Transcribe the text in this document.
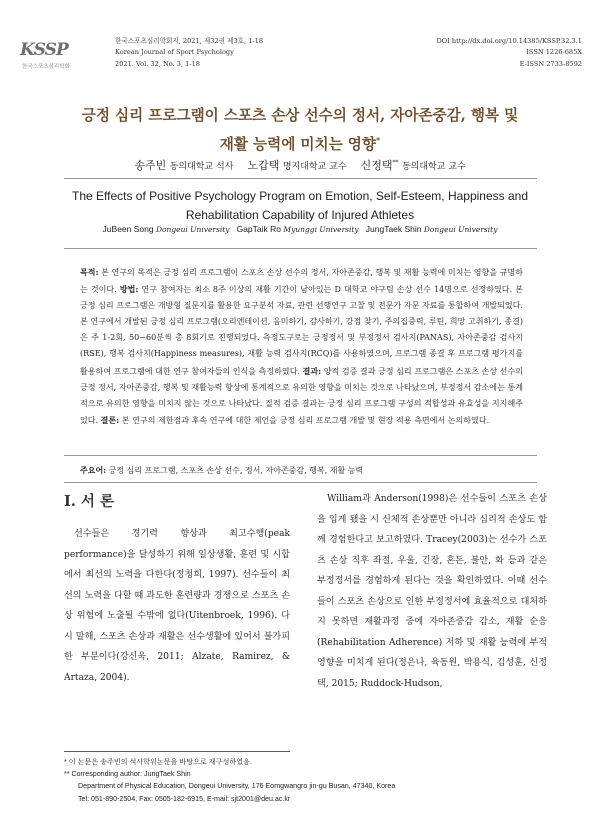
KSSP
한국스포츠심리학회
한국스포츠심리학회지, 2021, 제32권 제3호, 1-18
Korean Journal of Sport Psychology
2021. Vol. 32, No. 3, 1-18
DOI http://dx.doi.org/10.14385/KSSP.32.3.1
ISSN 1226-685X
E-ISSN 2733-8592
긍정 심리 프로그램이 스포츠 손상 선수의 정서, 자아존중감, 행복 및
재활 능력에 미치는 영향*
송주빈 동의대학교 석사 노갑택 명지대학교 교수 신정택** 동의대학교 교수
The Effects of Positive Psychology Program on Emotion, Self-Esteem, Happiness and
Rehabilitation Capability of Injured Athletes
JuBeen Song Dongeui University GapTaik Ro Myunggi University JungTaek Shin Dongeui University
목적: 본 연구의 목적은 긍정 심리 프로그램이 스포츠 손상 선수의 정서, 자아존중감, 행복 및 재활 능력에 미치는 영향을 규명하는 것이다. 방법: 연구 참여자는 최소 8주 이상의 재활 기간이 남아있는 D 대학교 야구팀 손상 선수 14명으로 선정하였다. 본 긍정 심리 프로그램은 개방형 질문지를 활용한 요구분석 자료, 관련 선행연구 고찰 및 전문가 자문 자료를 통합하여 개발되었다. 본 연구에서 개발된 긍정 심리 프로그램(오리엔테이션, 음미하기, 감사하기, 강점 찾기, 주의집중력, 루틴, 희망 고취하기, 종결)은 주 1-2회, 50~60분씩 총 8회기로 진행되었다. 측정도구로는 긍정정서 및 부정정서 검사지(PANAS), 자아존중감 검사지(RSE), 행복 검사지(Happiness measures), 재활 능력 검사지(RCQ)를 사용하였으며, 프로그램 종결 후 프로그램 평가지를 활용하여 프로그램에 대한 연구 참여자들의 인식을 측정하였다. 결과: 양적 검증 결과 긍정 심리 프로그램은 스포츠 손상 선수의 긍정 정서, 자아존중감, 행복 및 재활능력 향상에 통계적으로 유의한 영향을 미치는 것으로 나타났으며, 부정정서 감소에는 통계적으로 유의한 영향을 미치지 않는 것으로 나타났다. 질적 검증 결과는 긍정 심리 프로그램 구성의 적합성과 유효성을 지지해주었다. 결론: 본 연구의 제한점과 후속 연구에 대한 제언을 긍정 심리 프로그램 개발 및 현장 적용 측면에서 논의하였다.
주요어: 긍정 심리 프로그램, 스포츠 손상 선수, 정서, 자아존중감, 행복, 재활 능력
Ⅰ. 서 론
선수들은 경기력 향상과 최고수행(peak performance)을 달성하기 위해 일상생활, 훈련 및 시합에서 최선의 노력을 다한다(정청희, 1997). 선수들이 최선의 노력을 다할 때 과도한 훈련량과 경쟁으로 스포츠 손상 위험에 노출될 수밖에 없다(Uitenbroek, 1996). 다시 말해, 스포츠 손상과 재활은 선수생활에 있어서 불가피한 부분이다(강신욱, 2011; Alzate, Ramirez, & Artaza, 2004).
William과 Anderson(1998)은 선수들이 스포츠 손상을 입게 됐을 시 신체적 손상뿐만 아니라 심리적 손상도 함께 경험한다고 보고하였다. Tracey(2003)는 선수가 스포츠 손상 직후 좌절, 우울, 긴장, 혼돈, 불안, 화 등과 같은 부정정서를 경험하게 된다는 것을 확인하였다. 이때 선수들이 스포츠 손상으로 인한 부정정서에 효율적으로 대처하지 못하면 재활과정 중에 자아존중감 감소, 재활 순응(Rehabilitation Adherence) 저하 및 재활 능력에 부적 영향을 미치게 된다(정은나, 육동원, 박용식, 김성훈, 신정택, 2015; Ruddock-Hudson,
* 이 논문은 송주빈의 석사학위논문을 바탕으로 재구성하였음.
** Corresponding author: JungTaek Shin
Department of Physical Education, Dongeui University, 176 Eomgwangro jin-gu Busan, 47340, Korea
Tel: 051-890-2504, Fax: 0505-182-6915, E-mail: sjt2001@deu.ac.kr
